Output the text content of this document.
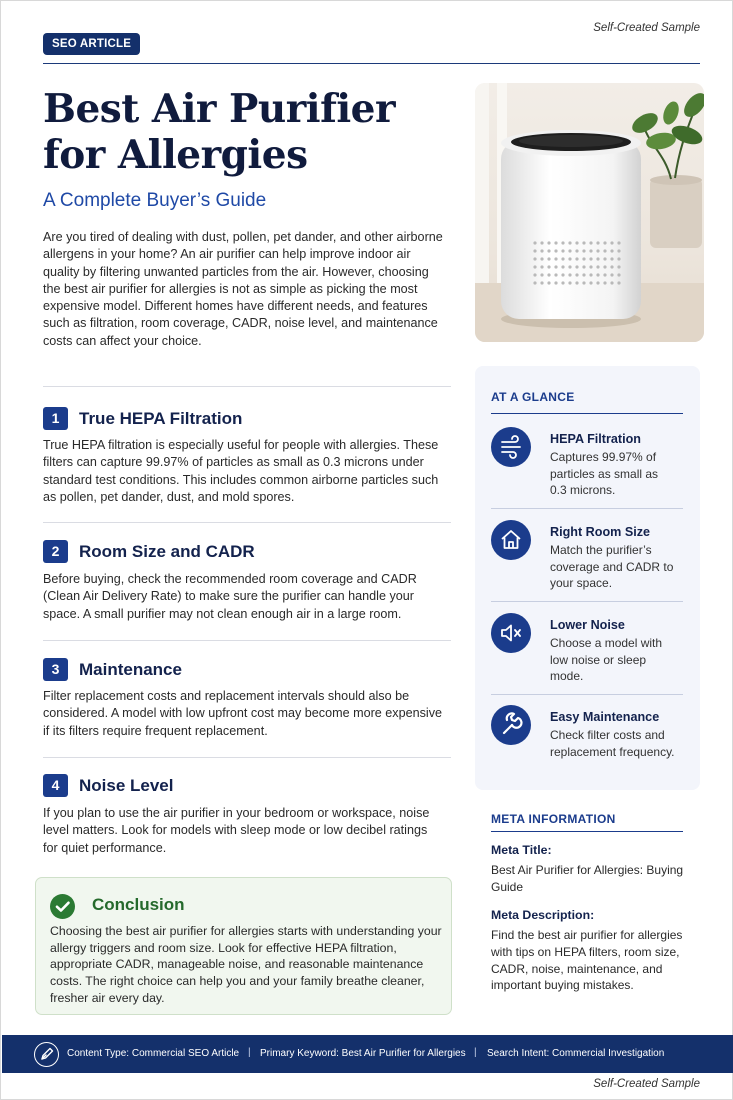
Self-Created Sample
SEO ARTICLE
Best Air Purifier for Allergies
A Complete Buyer’s Guide

Are you tired of dealing with dust, pollen, pet dander, and other airborne allergens in your home? An air purifier can help improve indoor air quality by filtering unwanted particles from the air. However, choosing the best air purifier for allergies is not as simple as picking the most expensive model. Different homes have different needs, and features such as filtration, room coverage, CADR, noise level, and maintenance costs can affect your choice.

1	True HEPA Filtration

True HEPA filtration is especially useful for people with allergies. These filters can capture 99.97% of particles as small as 0.3 microns under standard test conditions. This includes common airborne particles such as pollen, pet dander, dust, and mold spores.

2	Room Size and CADR

Before buying, check the recommended room coverage and CADR (Clean Air Delivery Rate) to make sure the purifier can handle your space. A small purifier may not clean enough air in a large room.

3	Maintenance

Filter replacement costs and replacement intervals should also be considered. A model with low upfront cost may become more expensive if its filters require frequent replacement.

4	Noise Level

If you plan to use the air purifier in your bedroom or workspace, noise level matters. Look for models with sleep mode or low decibel ratings for quiet performance.

Conclusion

Choosing the best air purifier for allergies starts with understanding your allergy triggers and room size. Look for effective HEPA filtration, appropriate CADR, manageable noise, and reasonable maintenance costs. The right choice can help you and your family breathe cleaner, fresher air every day.

AT A GLANCE
HEPA Filtration
Captures 99.97% of particles as small as 0.3 microns.
Right Room Size
Match the purifier’s coverage and CADR to your space.
Lower Noise
Choose a model with low noise or sleep mode.
Easy Maintenance
Check filter costs and replacement frequency.
META INFORMATION
Meta Title:
Best Air Purifier for Allergies: Buying Guide
Meta Description:
Find the best air purifier for allergies with tips on HEPA filters, room size, CADR, noise, maintenance, and important buying mistakes.
Content Type: Commercial SEO Article | Primary Keyword: Best Air Purifier for Allergies | Search Intent: Commercial Investigation
Self-Created Sample
